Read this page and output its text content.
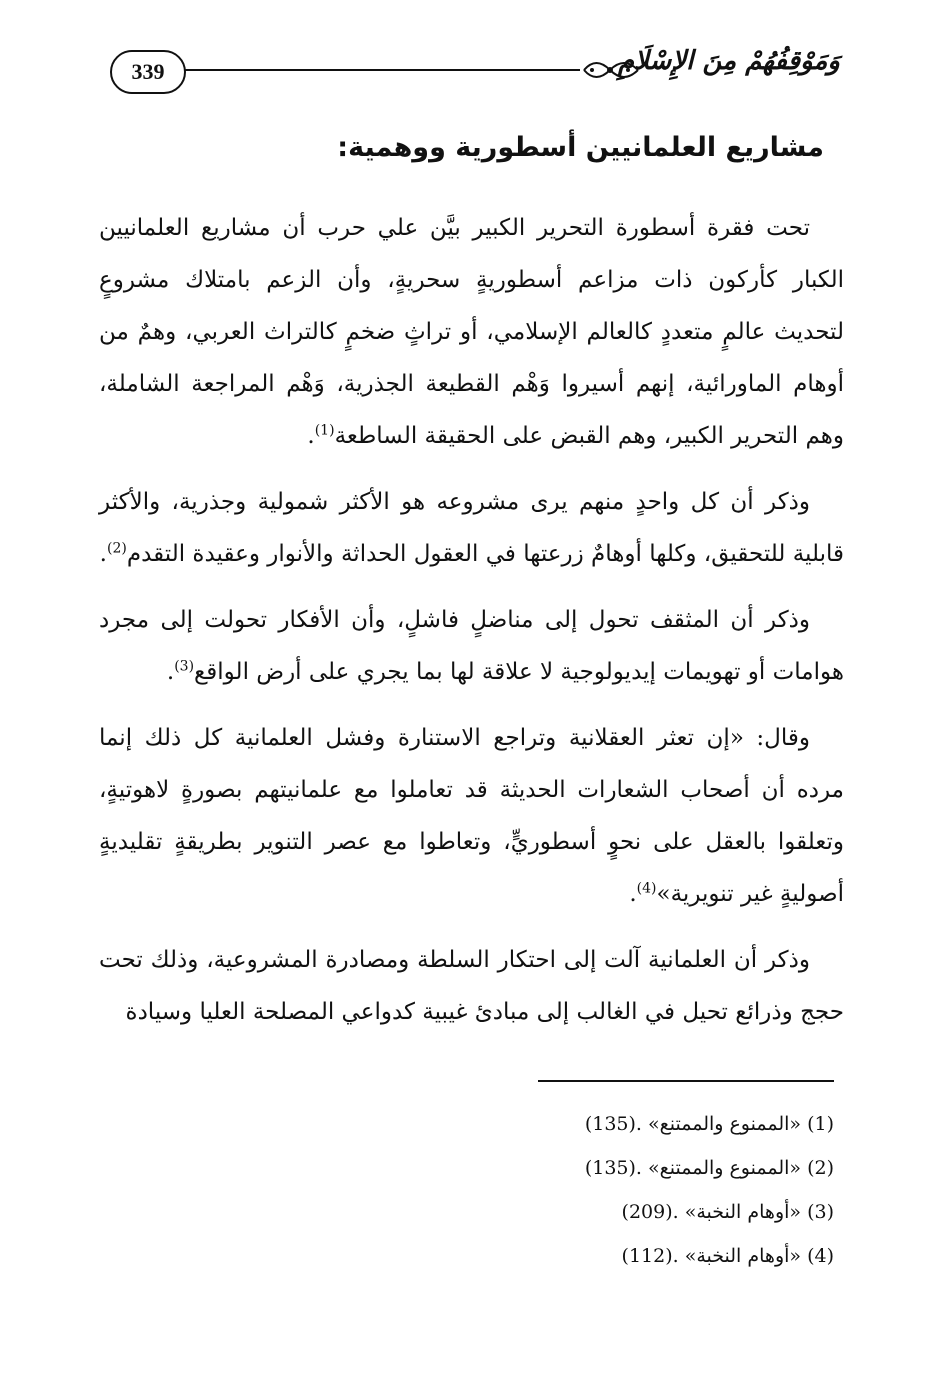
339	وَمَوْقِفُهُمْ مِنَ الإِسْلَامِ
مشاريع العلمانيين أسطورية ووهمية:

تحت فقرة أسطورة التحرير الكبير بيَّن علي حرب أن مشاريع العلمانيين الكبار كأركون ذات مزاعم أسطوريةٍ سحريةٍ، وأن الزعم بامتلاك مشروعٍ لتحديث عالمٍ متعددٍ كالعالم الإسلامي، أو تراثٍ ضخمٍ كالتراث العربي، وهمٌ من أوهام الماورائية، إنهم أسيروا وَهْم القطيعة الجذرية، وَهْم المراجعة الشاملة، وهم التحرير الكبير، وهم القبض على الحقيقة الساطعة$^{(1)}$.

وذكر أن كل واحدٍ منهم يرى مشروعه هو الأكثر شمولية وجذرية، والأكثر قابلية للتحقيق، وكلها أوهامٌ زرعتها في العقول الحداثة والأنوار وعقيدة التقدم$^{(2)}$.

وذكر أن المثقف تحول إلى مناضلٍ فاشلٍ، وأن الأفكار تحولت إلى مجرد هوامات أو تهويمات إيديولوجية لا علاقة لها بما يجري على أرض الواقع$^{(3)}$.

وقال: «إن تعثر العقلانية وتراجع الاستنارة وفشل العلمانية كل ذلك إنما مرده أن أصحاب الشعارات الحديثة قد تعاملوا مع علمانيتهم بصورةٍ لاهوتيةٍ، وتعلقوا بالعقل على نحوٍ أسطوريٍّ، وتعاطوا مع عصر التنوير بطريقةٍ تقليديةٍ أصوليةٍ غير تنويرية»$^{(4)}$.

وذكر أن العلمانية آلت إلى احتكار السلطة ومصادرة المشروعية، وذلك تحت حجج وذرائع تحيل في الغالب إلى مبادئ غيبية كدواعي المصلحة العليا وسيادة

(1) «الممنوع والممتنع» (135).
(2) «الممنوع والممتنع» (135).
(3) «أوهام النخبة» (209).
(4) «أوهام النخبة» (112).
